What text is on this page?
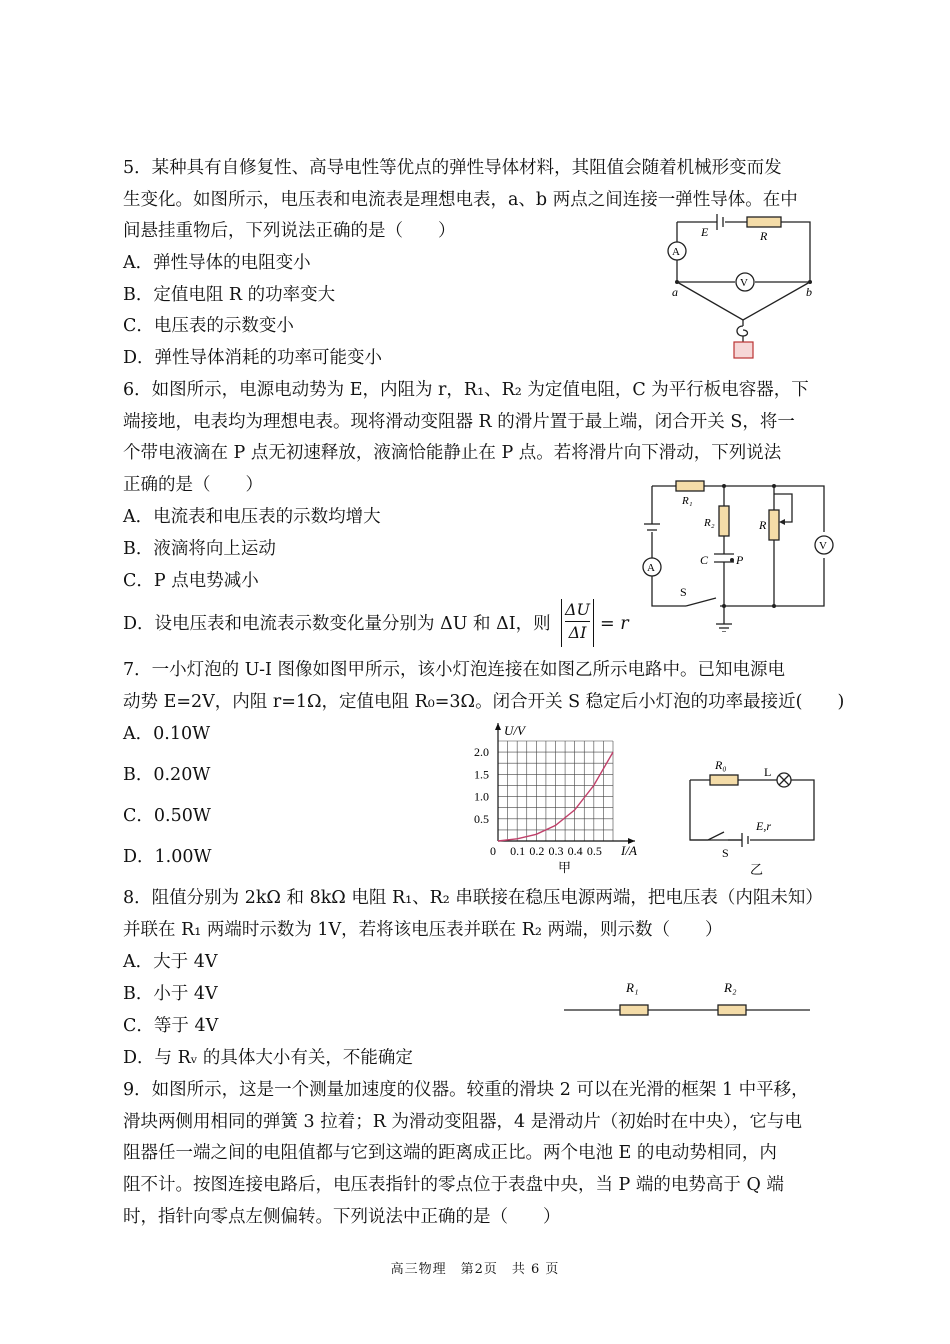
5．某种具有自修复性、高导电性等优点的弹性导体材料，其阻值会随着机械形变而发
生变化。如图所示，电压表和电流表是理想电表，a、b 两点之间连接一弹性导体。在中
间悬挂重物后，下列说法正确的是（　　）
A．弹性导体的电阻变小
B．定值电阻 R 的功率变大
C．电压表的示数变小
D．弹性导体消耗的功率可能变小
E	R
A
V
a	b
6．如图所示，电源电动势为 E，内阻为 r，R₁、R₂ 为定值电阻，C 为平行板电容器，下
端接地，电表均为理想电表。现将滑动变阻器 R 的滑片置于最上端，闭合开关 S，将一
个带电液滴在 P 点无初速释放，液滴恰能静止在 P 点。若将滑片向下滑动，下列说法
正确的是（　　）
A．电流表和电压表的示数均增大
B．液滴将向上运动
C．P 点电势减小
D．设电压表和电流表示数变化量分别为 ΔU 和 ΔI，则 $\frac{\Delta U}{\Delta I} = r$
R₁
R₂	R
C P
A
V
S
7．一小灯泡的 U-I 图像如图甲所示，该小灯泡连接在如图乙所示电路中。已知电源电
动势 E=2V，内阻 r=1Ω，定值电阻 R₀=3Ω。闭合开关 S 稳定后小灯泡的功率最接近(　　)
A．0.10W
B．0.20W
C．0.50W
D．1.00W	0 0.1 0.2 0.3 0.4 0.5
0.5
1.0
1.5
2.0
I/A
U/V
甲
R₀	L
E,r
S
乙
8．阻值分别为 2kΩ 和 8kΩ 电阻 R₁、R₂ 串联接在稳压电源两端，把电压表（内阻未知）
并联在 R₁ 两端时示数为 1V，若将该电压表并联在 R₂ 两端，则示数（　　）
A．大于 4V
B．小于 4V
C．等于 4V
D．与 Rᵥ 的具体大小有关，不能确定
R₁	R₂
9．如图所示，这是一个测量加速度的仪器。较重的滑块 2 可以在光滑的框架 1 中平移，
滑块两侧用相同的弹簧 3 拉着；R 为滑动变阻器，4 是滑动片（初始时在中央），它与电
阻器任一端之间的电阻值都与它到这端的距离成正比。两个电池 E 的电动势相同，内
阻不计。按图连接电路后，电压表指针的零点位于表盘中央，当 P 端的电势高于 Q 端
时，指针向零点左侧偏转。下列说法中正确的是（　　）
高三物理　第2页　共 6 页
